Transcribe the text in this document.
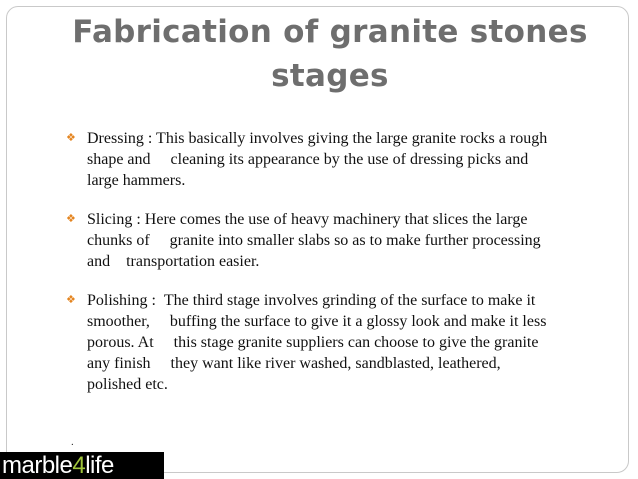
Fabrication of granite stones
stages
❖ Dressing : This basically involves giving the large granite rocks a rough
shape and     cleaning its appearance by the use of dressing picks and
large hammers.
❖ Slicing : Here comes the use of heavy machinery that slices the large
chunks of     granite into smaller slabs so as to make further processing
and    transportation easier.
❖ Polishing :  The third stage involves grinding of the surface to make it
smoother,     buffing the surface to give it a glossy look and make it less
porous. At     this stage granite suppliers can choose to give the granite
any finish     they want like river washed, sandblasted, leathered,
polished etc.
.
marble4life
